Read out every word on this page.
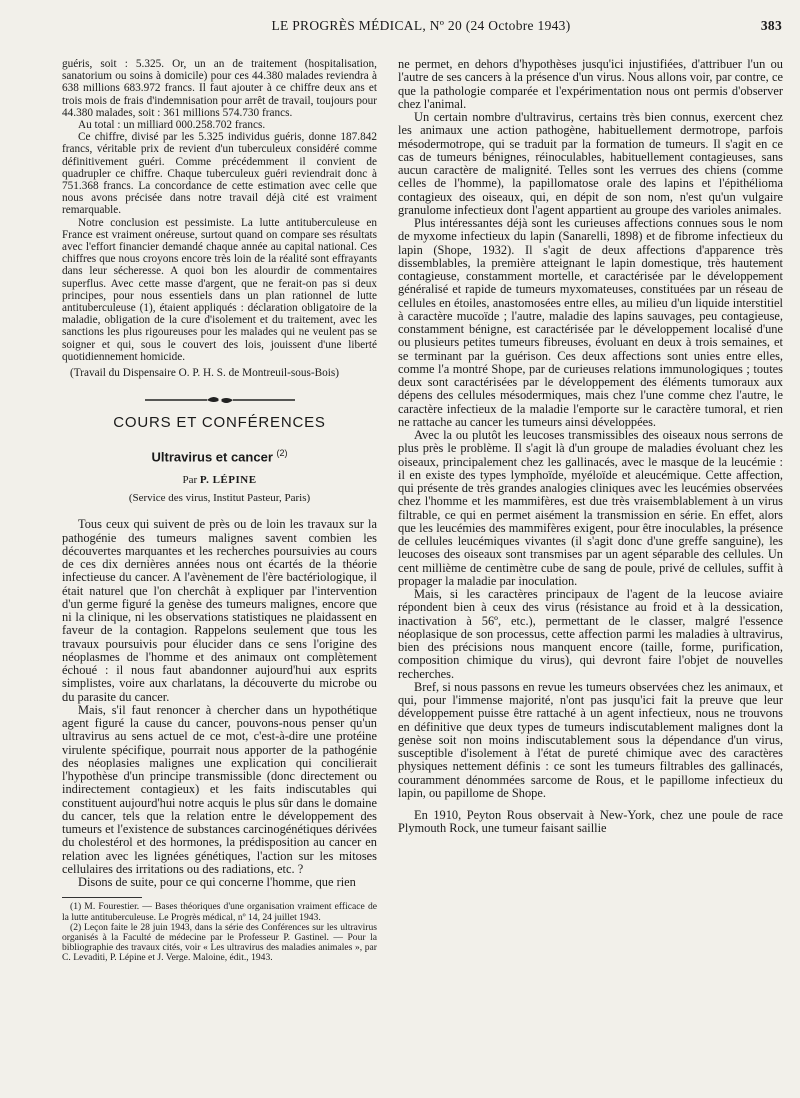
LE PROGRÈS MÉDICAL, Nº 20 (24 Octobre 1943)	383

guéris, soit : 5.325. Or, un an de traitement (hospitalisation, sanatorium ou soins à domicile) pour ces 44.380 malades reviendra à 638 millions 683.972 francs. Il faut ajouter à ce chiffre deux ans et trois mois de frais d'indemnisation pour arrêt de travail, toujours pour 44.380 malades, soit : 361 millions 574.730 francs.

Au total : un milliard 000.258.702 francs.

Ce chiffre, divisé par les 5.325 individus guéris, donne 187.842 francs, véritable prix de revient d'un tuberculeux considéré comme définitivement guéri. Comme précédemment il convient de quadrupler ce chiffre. Chaque tuberculeux guéri reviendrait donc à 751.368 francs. La concordance de cette estimation avec celle que nous avons précisée dans notre travail déjà cité est vraiment remarquable.

Notre conclusion est pessimiste. La lutte antituberculeuse en France est vraiment onéreuse, surtout quand on compare ses résultats avec l'effort financier demandé chaque année au capital national. Ces chiffres que nous croyons encore très loin de la réalité sont effrayants dans leur sécheresse. A quoi bon les alourdir de commentaires superflus. Avec cette masse d'argent, que ne ferait-on pas si deux principes, pour nous essentiels dans un plan rationnel de lutte antituberculeuse (1), étaient appliqués : déclaration obligatoire de la maladie, obligation de la cure d'isolement et du traitement, avec les sanctions les plus rigoureuses pour les malades qui ne veulent pas se soigner et qui, sous le couvert des lois, jouissent d'une liberté quotidiennement homicide.

(Travail du Dispensaire O. P. H. S. de Montreuil-sous-Bois)

COURS ET CONFÉRENCES
Ultravirus et cancer $^{(2)}$
Par P. LÉPINE
(Service des virus, Institut Pasteur, Paris)

Tous ceux qui suivent de près ou de loin les travaux sur la pathogénie des tumeurs malignes savent combien les découvertes marquantes et les recherches poursuivies au cours de ces dix dernières années nous ont écartés de la théorie infectieuse du cancer. A l'avènement de l'ère bactériologique, il était naturel que l'on cherchât à expliquer par l'intervention d'un germe figuré la genèse des tumeurs malignes, encore que ni la clinique, ni les observations statistiques ne plaidassent en faveur de la contagion. Rappelons seulement que tous les travaux poursuivis pour élucider dans ce sens l'origine des néoplasmes de l'homme et des animaux ont complètement échoué : il nous faut abandonner aujourd'hui aux esprits simplistes, voire aux charlatans, la découverte du microbe ou du parasite du cancer.

Mais, s'il faut renoncer à chercher dans un hypothétique agent figuré la cause du cancer, pouvons-nous penser qu'un ultravirus au sens actuel de ce mot, c'est-à-dire une protéine virulente spécifique, pourrait nous apporter de la pathogénie des néoplasies malignes une explication qui concilierait l'hypothèse d'un principe transmissible (donc directement ou indirectement contagieux) et les faits indiscutables qui constituent aujourd'hui notre acquis le plus sûr dans le domaine du cancer, tels que la relation entre le développement des tumeurs et l'existence de substances carcinogénétiques dérivées du cholestérol et des hormones, la prédisposition au cancer en relation avec les lignées génétiques, l'action sur les mitoses cellulaires des irritations ou des radiations, etc. ?

Disons de suite, pour ce qui concerne l'homme, que rien

(1) M. Fourestier. — Bases théoriques d'une organisation vraiment efficace de la lutte antituberculeuse. Le Progrès médical, nº 14, 24 juillet 1943.

(2) Leçon faite le 28 juin 1943, dans la série des Conférences sur les ultravirus organisés à la Faculté de médecine par le Professeur P. Gastinel. — Pour la bibliographie des travaux cités, voir « Les ultravirus des maladies animales », par C. Levaditi, P. Lépine et J. Verge. Maloine, édit., 1943.

ne permet, en dehors d'hypothèses jusqu'ici injustifiées, d'attribuer l'un ou l'autre de ses cancers à la présence d'un virus. Nous allons voir, par contre, ce que la pathologie comparée et l'expérimentation nous ont permis d'observer chez l'animal.

Un certain nombre d'ultravirus, certains très bien connus, exercent chez les animaux une action pathogène, habituellement dermotrope, parfois mésodermotrope, qui se traduit par la formation de tumeurs. Il s'agit en ce cas de tumeurs bénignes, réinoculables, habituellement contagieuses, sans aucun caractère de malignité. Telles sont les verrues des chiens (comme celles de l'homme), la papillomatose orale des lapins et l'épithélioma contagieux des oiseaux, qui, en dépit de son nom, n'est qu'un vulgaire granulome infectieux dont l'agent appartient au groupe des varioles animales.

Plus intéressantes déjà sont les curieuses affections connues sous le nom de myxome infectieux du lapin (Sanarelli, 1898) et de fibrome infectieux du lapin (Shope, 1932). Il s'agit de deux affections d'apparence très dissemblables, la première atteignant le lapin domestique, très hautement contagieuse, constamment mortelle, et caractérisée par le développement généralisé et rapide de tumeurs myxomateuses, constituées par un réseau de cellules en étoiles, anastomosées entre elles, au milieu d'un liquide interstitiel à caractère mucoïde ; l'autre, maladie des lapins sauvages, peu contagieuse, constamment bénigne, est caractérisée par le développement localisé d'une ou plusieurs petites tumeurs fibreuses, évoluant en deux à trois semaines, et se terminant par la guérison. Ces deux affections sont unies entre elles, comme l'a montré Shope, par de curieuses relations immunologiques ; toutes deux sont caractérisées par le développement des éléments tumoraux aux dépens des cellules mésodermiques, mais chez l'une comme chez l'autre, le caractère infectieux de la maladie l'emporte sur le caractère tumoral, et rien ne rattache au cancer les tumeurs ainsi développées.

Avec la ou plutôt les leucoses transmissibles des oiseaux nous serrons de plus près le problème. Il s'agit là d'un groupe de maladies évoluant chez les oiseaux, principalement chez les gallinacés, avec le masque de la leucémie : il en existe des types lymphoïde, myéloïde et aleucémique. Cette affection, qui présente de très grandes analogies cliniques avec les leucémies observées chez l'homme et les mammifères, est due très vraisemblablement à un virus filtrable, ce qui en permet aisément la transmission en série. En effet, alors que les leucémies des mammifères exigent, pour être inoculables, la présence de cellules leucémiques vivantes (il s'agit donc d'une greffe sanguine), les leucoses des oiseaux sont transmises par un agent séparable des cellules. Un cent millième de centimètre cube de sang de poule, privé de cellules, suffit à propager la maladie par inoculation.

Mais, si les caractères principaux de l'agent de la leucose aviaire répondent bien à ceux des virus (résistance au froid et à la dessication, inactivation à 56º, etc.), permettant de le classer, malgré l'essence néoplasique de son processus, cette affection parmi les maladies à ultravirus, bien des précisions nous manquent encore (taille, forme, purification, composition chimique du virus), qui devront faire l'objet de nouvelles recherches.

Bref, si nous passons en revue les tumeurs observées chez les animaux, et qui, pour l'immense majorité, n'ont pas jusqu'ici fait la preuve que leur développement puisse être rattaché à un agent infectieux, nous ne trouvons en définitive que deux types de tumeurs indiscutablement malignes dont la genèse soit non moins indiscutablement sous la dépendance d'un virus, susceptible d'isolement à l'état de pureté chimique avec des caractères physiques nettement définis : ce sont les tumeurs filtrables des gallinacés, couramment dénommées sarcome de Rous, et le papillome infectieux du lapin, ou papillome de Shope.

En 1910, Peyton Rous observait à New-York, chez une poule de race Plymouth Rock, une tumeur faisant saillie
